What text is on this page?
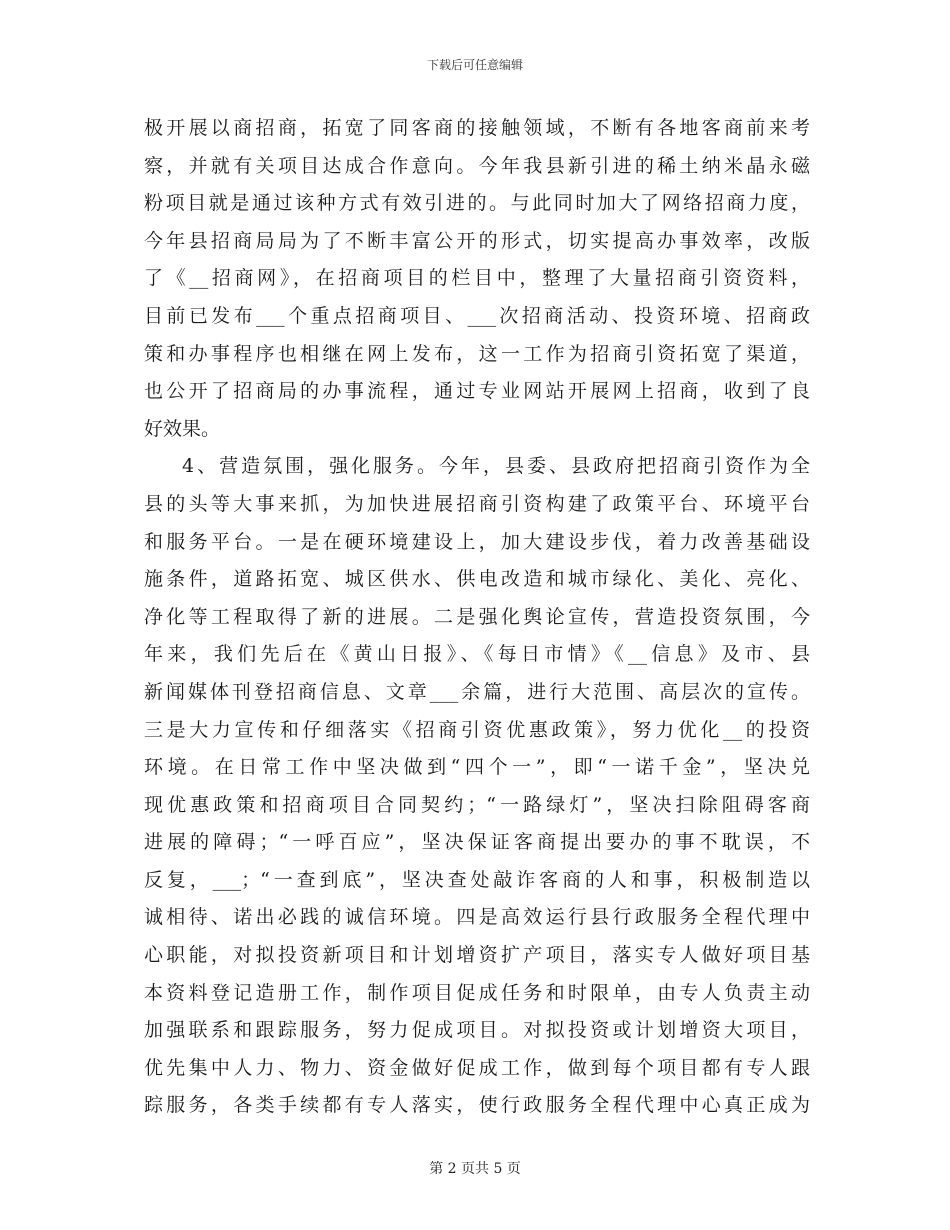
下载后可任意编辑
极开展以商招商，拓宽了同客商的接触领域，不断有各地客商前来考
察，并就有关项目达成合作意向。今年我县新引进的稀土纳米晶永磁
粉项目就是通过该种方式有效引进的。与此同时加大了网络招商力度，
今年县招商局局为了不断丰富公开的形式，切实提高办事效率，改版
了《__招商网》，在招商项目的栏目中，整理了大量招商引资资料，
目前已发布___个重点招商项目、___次招商活动、投资环境、招商政
策和办事程序也相继在网上发布，这一工作为招商引资拓宽了渠道，
也公开了招商局的办事流程，通过专业网站开展网上招商，收到了良
好效果。
4、营造氛围，强化服务。今年，县委、县政府把招商引资作为全
县的头等大事来抓，为加快进展招商引资构建了政策平台、环境平台
和服务平台。一是在硬环境建设上，加大建设步伐，着力改善基础设
施条件，道路拓宽、城区供水、供电改造和城市绿化、美化、亮化、
净化等工程取得了新的进展。二是强化舆论宣传，营造投资氛围，今
年来，我们先后在《黄山日报》、《每日市情》《__信息》及市、县
新闻媒体刊登招商信息、文章___余篇，进行大范围、高层次的宣传。
三是大力宣传和仔细落实《招商引资优惠政策》，努力优化__的投资
环境。在日常工作中坚决做到“四个一”，即“一诺千金”，坚决兑
现优惠政策和招商项目合同契约；“一路绿灯”，坚决扫除阻碍客商
进展的障碍；“一呼百应”，坚决保证客商提出要办的事不耽误，不
反复，___；“一查到底”，坚决查处敲诈客商的人和事，积极制造以
诚相待、诺出必践的诚信环境。四是高效运行县行政服务全程代理中
心职能，对拟投资新项目和计划增资扩产项目，落实专人做好项目基
本资料登记造册工作，制作项目促成任务和时限单，由专人负责主动
加强联系和跟踪服务，努力促成项目。对拟投资或计划增资大项目，
优先集中人力、物力、资金做好促成工作，做到每个项目都有专人跟
踪服务，各类手续都有专人落实，使行政服务全程代理中心真正成为
第 2 页共 5 页
